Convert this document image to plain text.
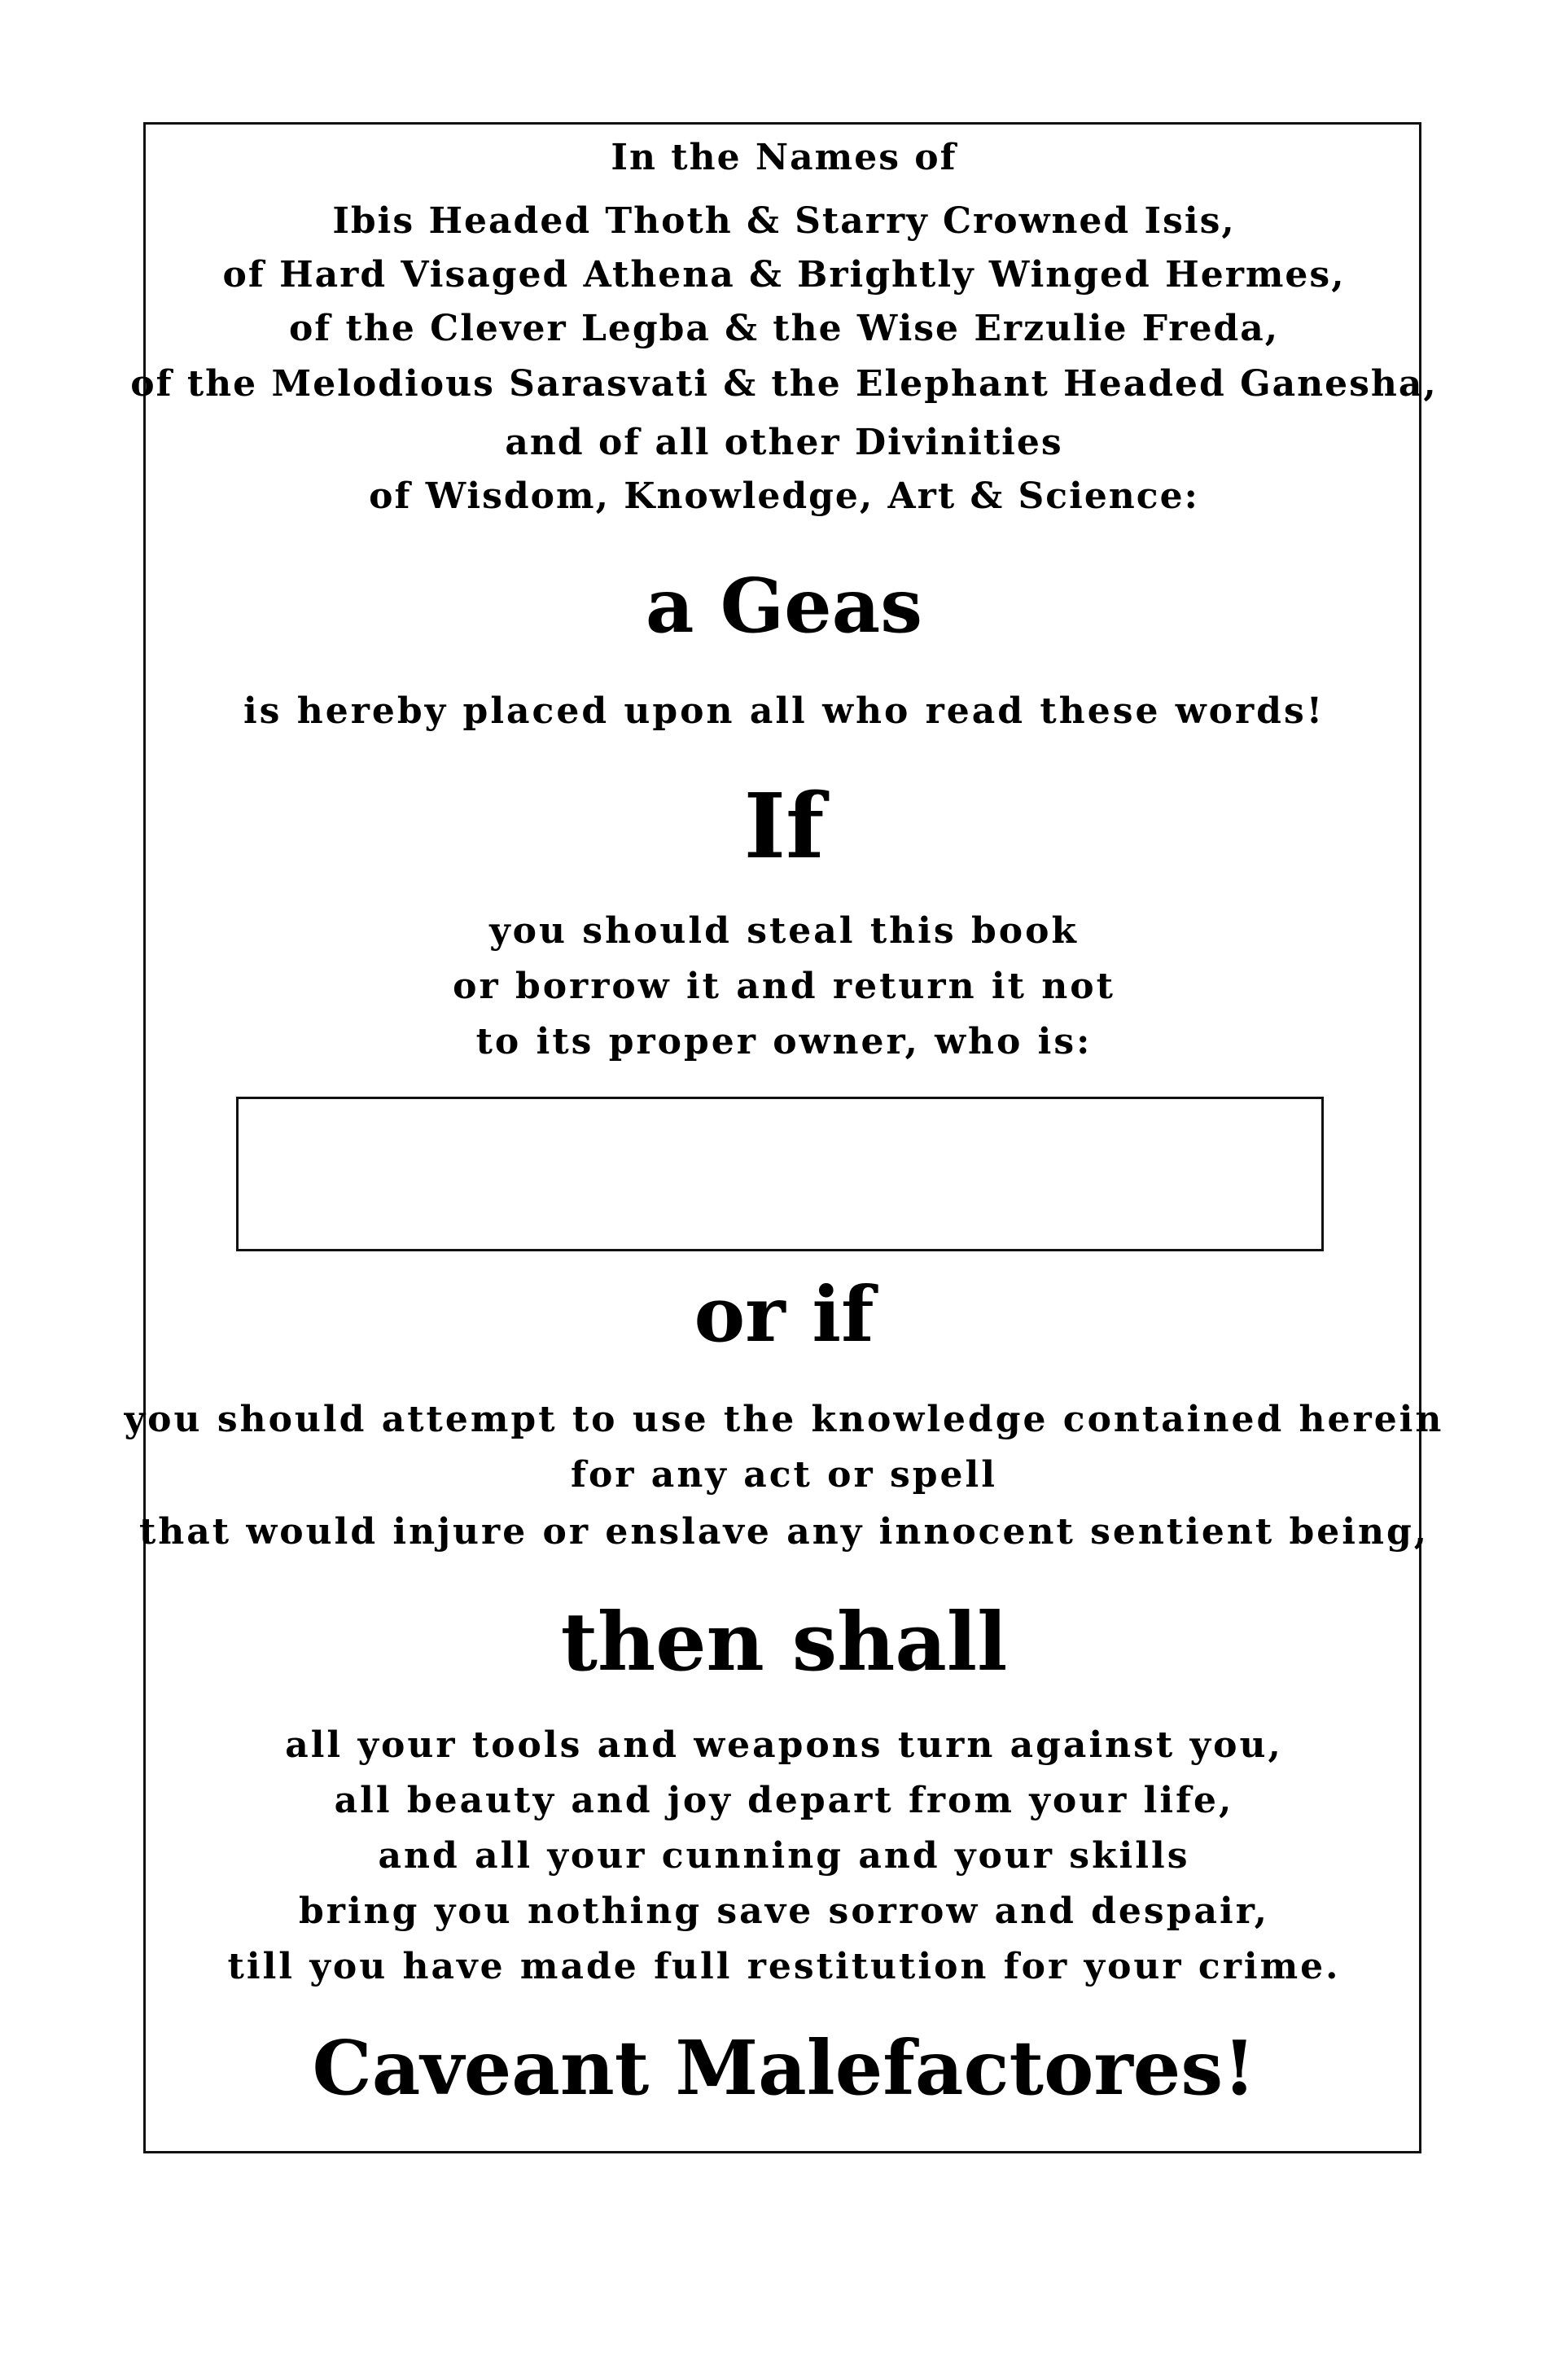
In the Names of
Ibis Headed Thoth & Starry Crowned Isis,
of Hard Visaged Athena & Brightly Winged Hermes,
of the Clever Legba & the Wise Erzulie Freda,
of the Melodious Sarasvati & the Elephant Headed Ganesha,
and of all other Divinities
of Wisdom, Knowledge, Art & Science:
a Geas
is hereby placed upon all who read these words!
If
you should steal this book
or borrow it and return it not
to its proper owner, who is:
or if
you should attempt to use the knowledge contained herein
for any act or spell
that would injure or enslave any innocent sentient being,
then shall
all your tools and weapons turn against you,
all beauty and joy depart from your life,
and all your cunning and your skills
bring you nothing save sorrow and despair,
till you have made full restitution for your crime.
Caveant Malefactores!
